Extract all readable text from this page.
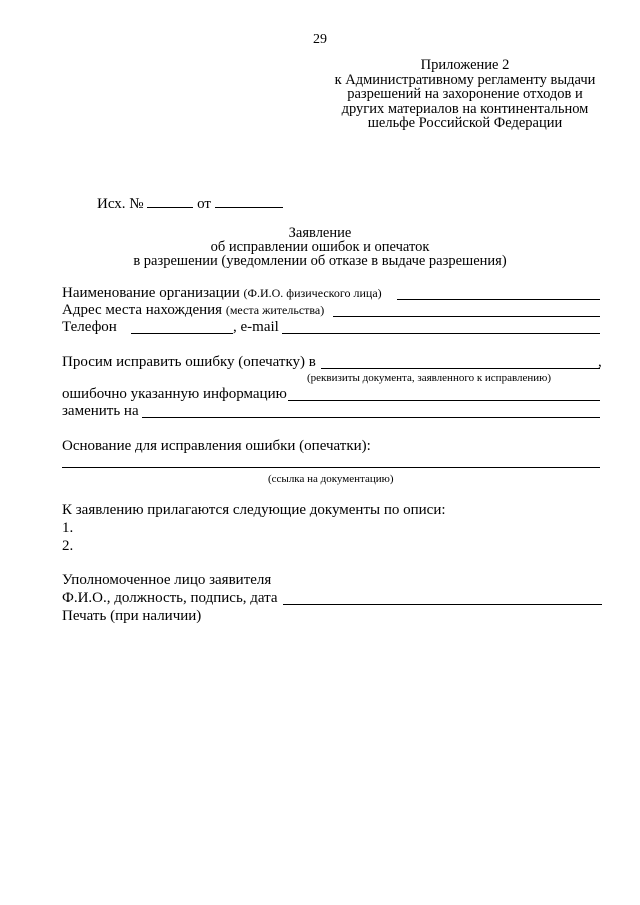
29
Приложение 2
к Административному регламенту выдачи
разрешений на захоронение отходов и
других материалов на континентальном
шельфе Российской Федерации
Исх. №	от
Заявление
об исправлении ошибок и опечаток
в разрешении (уведомлении об отказе в выдаче разрешения)
Наименование организации (Ф.И.О. физического лица)
Адрес места нахождения (места жительства)
Телефон	, e-mail
Просим исправить ошибку (опечатку) в	,
(реквизиты документа, заявленного к исправлению)
ошибочно указанную информацию
заменить на
Основание для исправления ошибки (опечатки):
(ссылка на документацию)
К заявлению прилагаются следующие документы по описи:
1.
2.
Уполномоченное лицо заявителя
Ф.И.О., должность, подпись, дата
Печать (при наличии)
